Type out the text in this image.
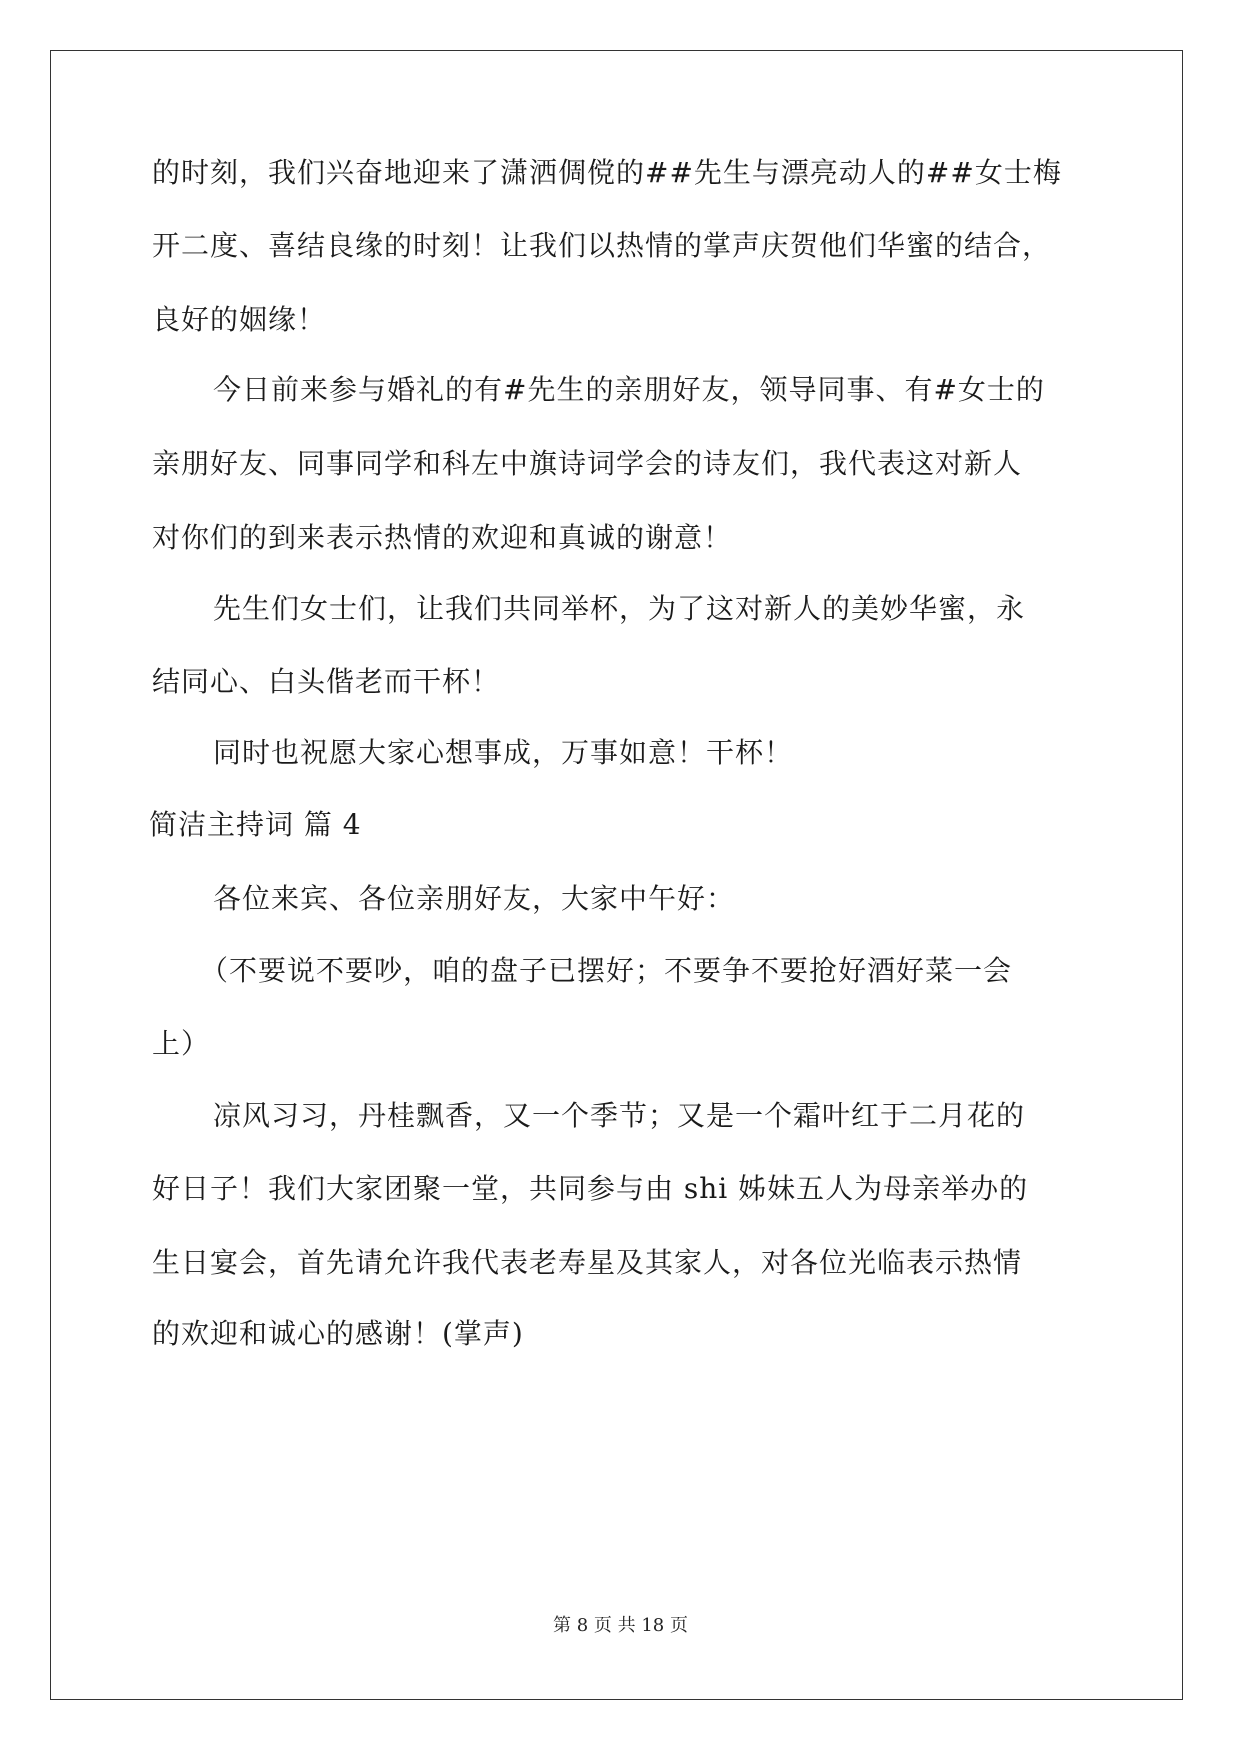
的时刻，我们兴奋地迎来了潇洒倜傥的##先生与漂亮动人的##女士梅
开二度、喜结良缘的时刻！让我们以热情的掌声庆贺他们华蜜的结合，
良好的姻缘！
今日前来参与婚礼的有#先生的亲朋好友，领导同事、有#女士的
亲朋好友、同事同学和科左中旗诗词学会的诗友们，我代表这对新人
对你们的到来表示热情的欢迎和真诚的谢意！
先生们女士们，让我们共同举杯，为了这对新人的美妙华蜜，永
结同心、白头偕老而干杯！
同时也祝愿大家心想事成，万事如意！干杯！
简洁主持词 篇 4
各位来宾、各位亲朋好友，大家中午好：
（不要说不要吵，咱的盘子已摆好；不要争不要抢好酒好菜一会
上）
凉风习习，丹桂飘香，又一个季节；又是一个霜叶红于二月花的
好日子！我们大家团聚一堂，共同参与由 shi 姊妹五人为母亲举办的
生日宴会，首先请允许我代表老寿星及其家人，对各位光临表示热情
的欢迎和诚心的感谢！(掌声)
第 8 页 共 18 页
